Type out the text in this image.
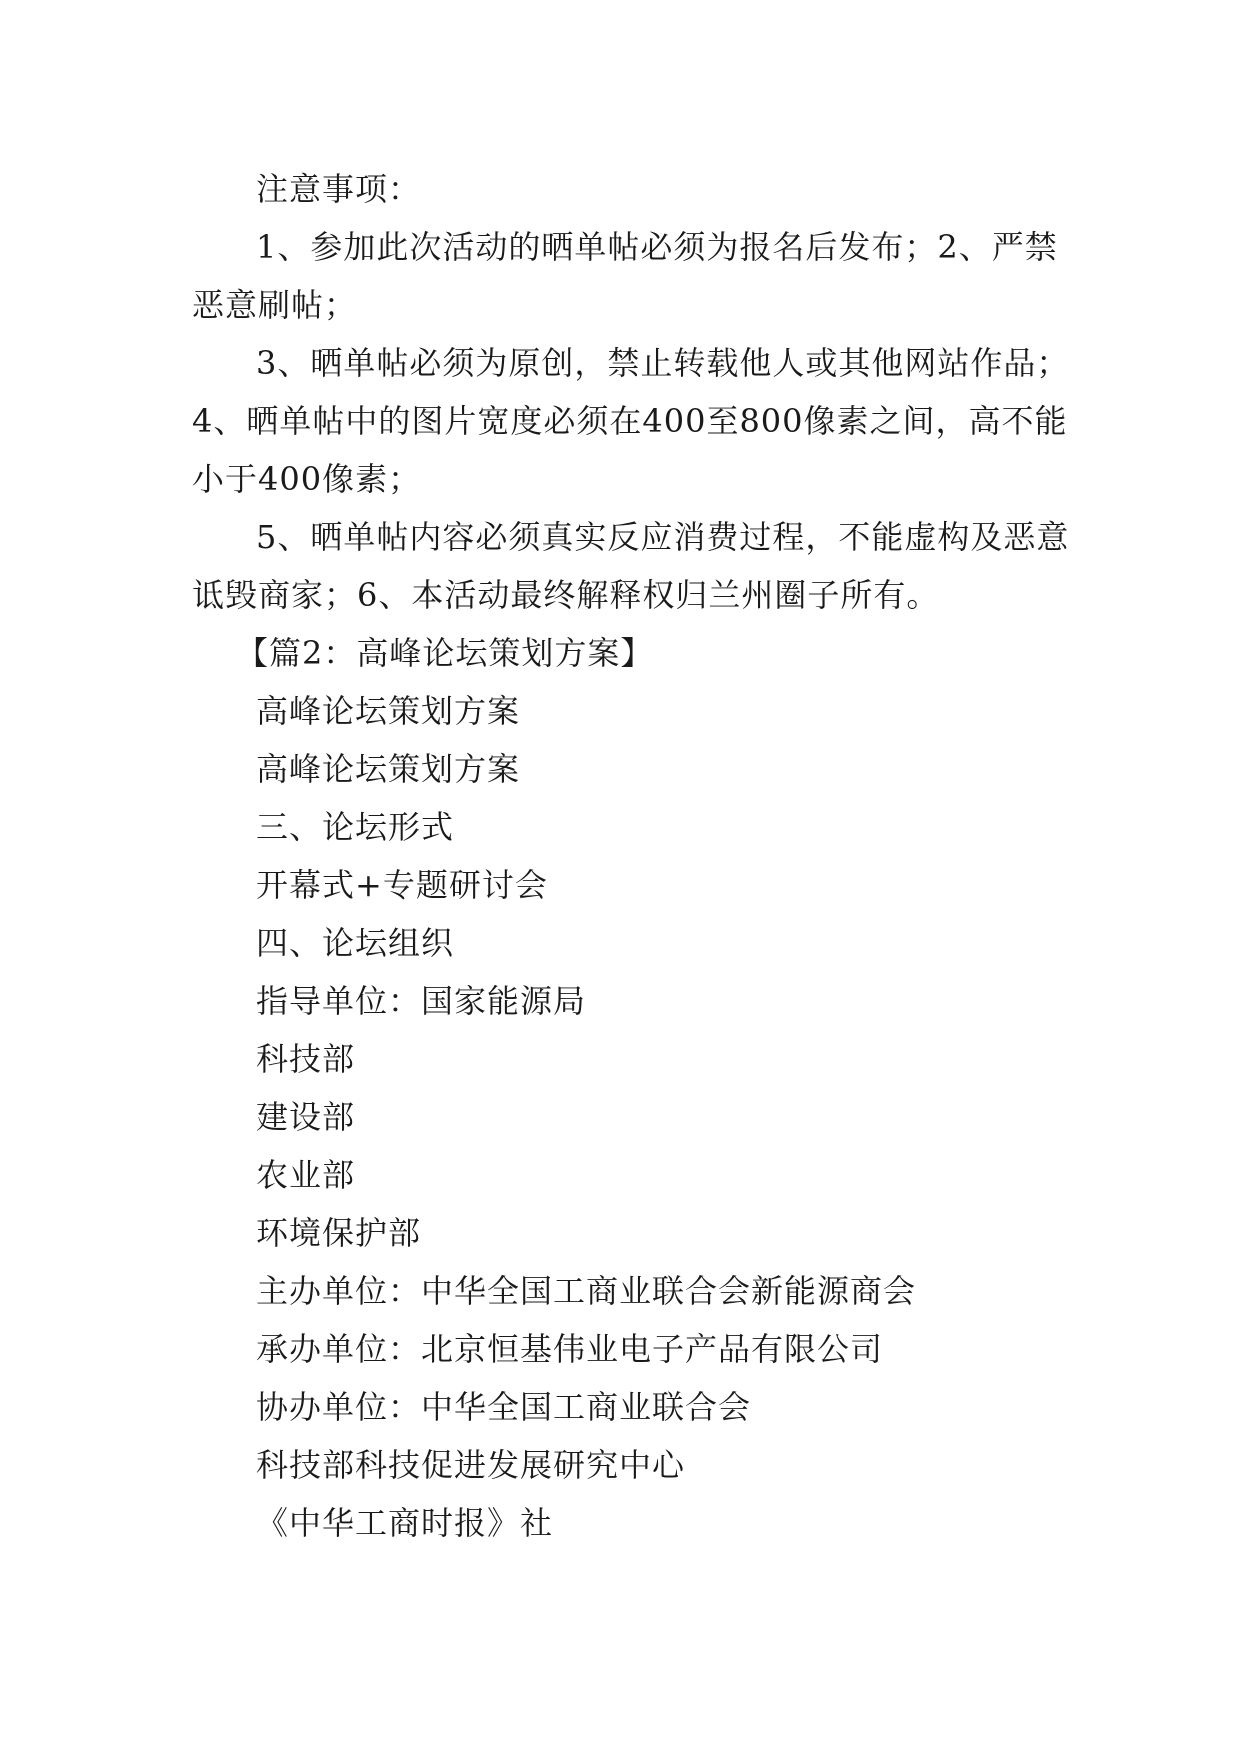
注意事项：

1、参加此次活动的晒单帖必须为报名后发布；2、严禁恶意刷帖；

3、晒单帖必须为原创，禁止转载他人或其他网站作品；4、晒单帖中的图片宽度必须在400至800像素之间，高不能小于400像素；

5、晒单帖内容必须真实反应消费过程，不能虚构及恶意诋毁商家；6、本活动最终解释权归兰州圈子所有。

【篇2：高峰论坛策划方案】

高峰论坛策划方案

高峰论坛策划方案

三、论坛形式

开幕式+专题研讨会

四、论坛组织

指导单位：国家能源局

科技部

建设部

农业部

环境保护部

主办单位：中华全国工商业联合会新能源商会

承办单位：北京恒基伟业电子产品有限公司

协办单位：中华全国工商业联合会

科技部科技促进发展研究中心

《中华工商时报》社
